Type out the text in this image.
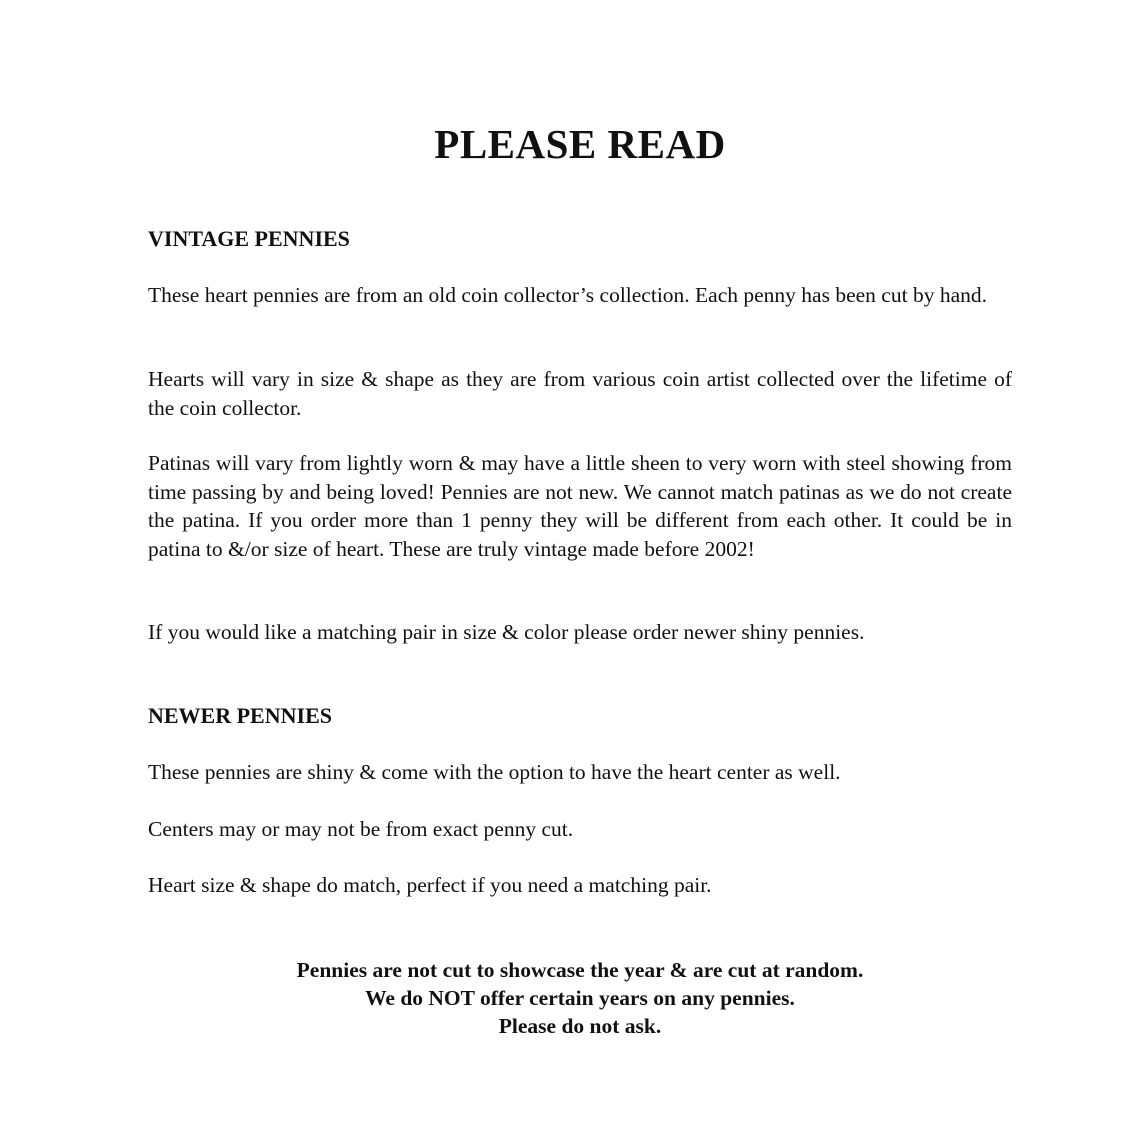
PLEASE READ

VINTAGE PENNIES

These heart pennies are from an old coin collector’s collection. Each penny has been cut by hand.

Hearts will vary in size & shape as they are from various coin artist collected over the lifetime of the coin collector.

Patinas will vary from lightly worn & may have a little sheen to very worn with steel showing from time passing by and being loved! Pennies are not new. We cannot match patinas as we do not create the patina. If you order more than 1 penny they will be different from each other. It could be in patina to &/or size of heart. These are truly vintage made before 2002!

If you would like a matching pair in size & color please order newer shiny pennies.

NEWER PENNIES

These pennies are shiny & come with the option to have the heart center as well.

Centers may or may not be from exact penny cut.

Heart size & shape do match, perfect if you need a matching pair.

Pennies are not cut to showcase the year & are cut at random.
We do NOT offer certain years on any pennies.
Please do not ask.
